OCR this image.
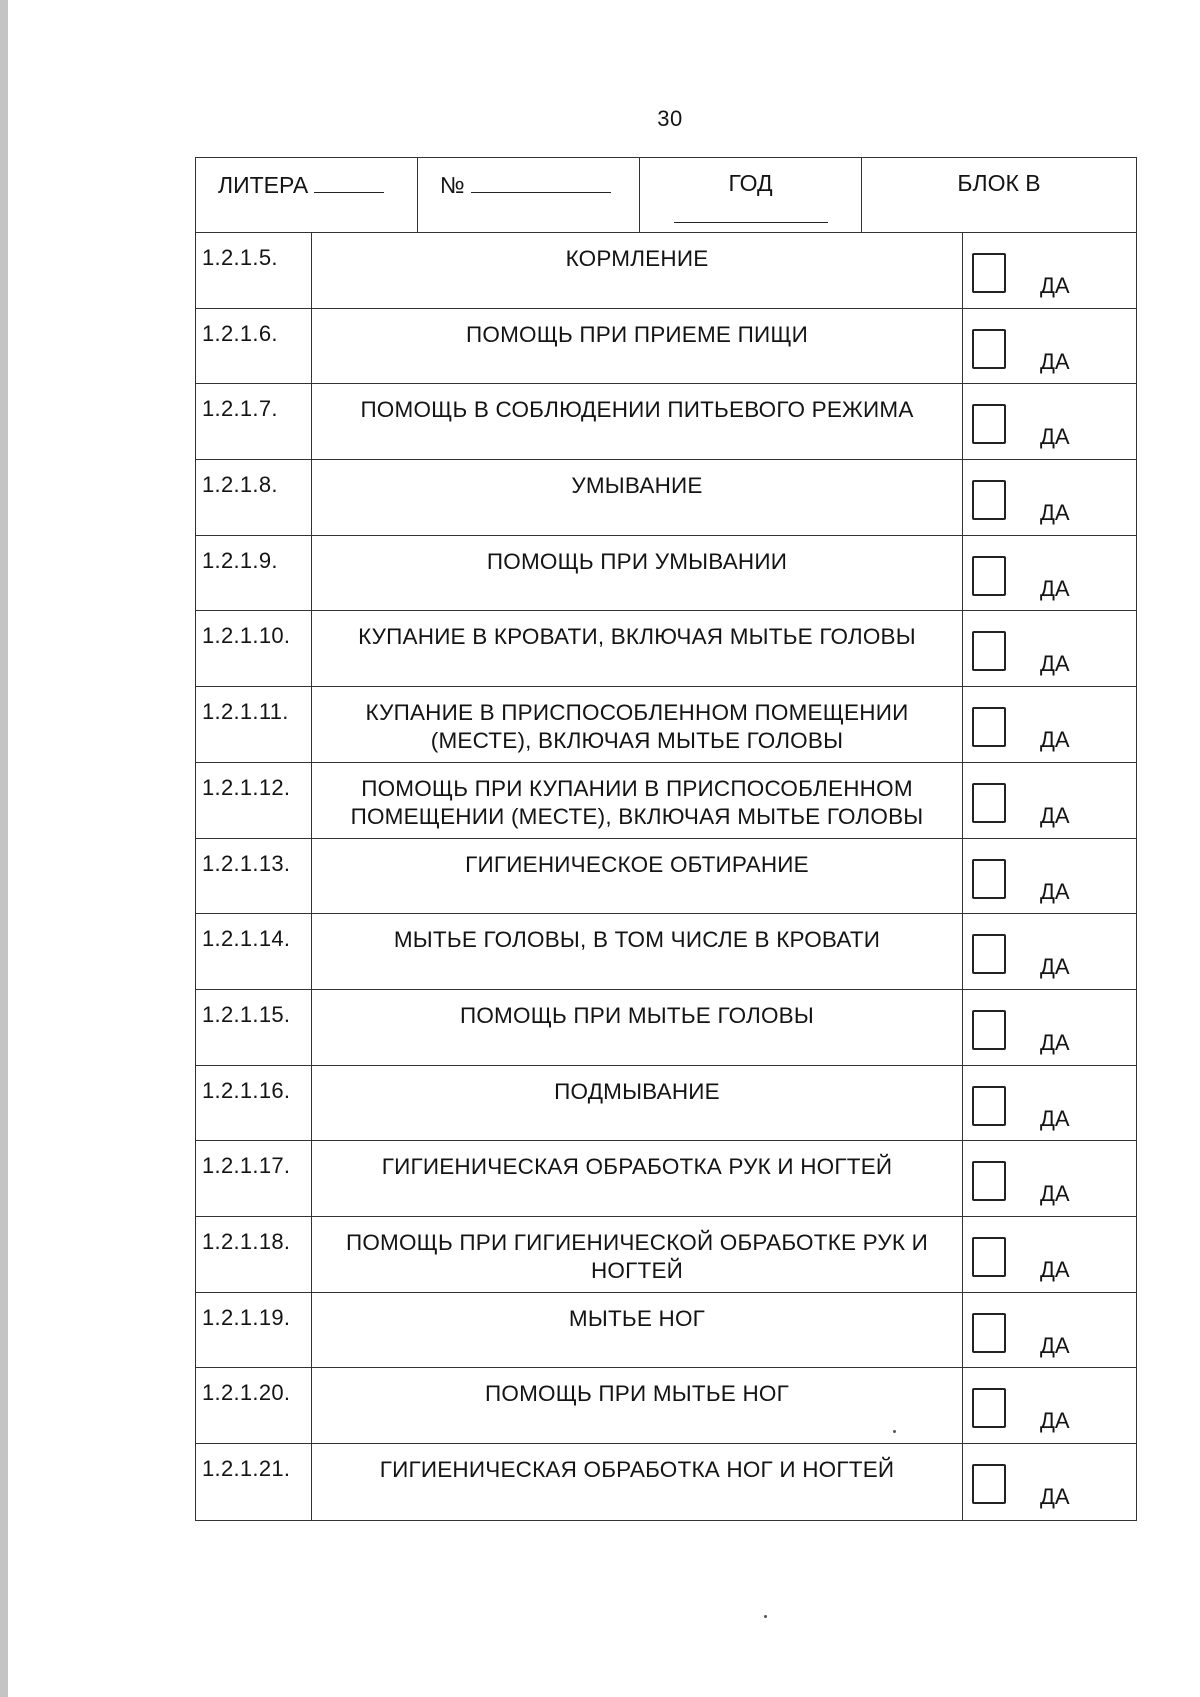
30
ЛИТЕРА	№	ГОД	БЛОК В
1.2.1.5.	КОРМЛЕНИЕ
ДА
1.2.1.6.	ПОМОЩЬ ПРИ ПРИЕМЕ ПИЩИ
ДА
1.2.1.7.	ПОМОЩЬ В СОБЛЮДЕНИИ ПИТЬЕВОГО РЕЖИМА
ДА
1.2.1.8.	УМЫВАНИЕ
ДА
1.2.1.9.	ПОМОЩЬ ПРИ УМЫВАНИИ
ДА
1.2.1.10.	КУПАНИЕ В КРОВАТИ, ВКЛЮЧАЯ МЫТЬЕ ГОЛОВЫ
ДА
1.2.1.11.	КУПАНИЕ В ПРИСПОСОБЛЕННОМ ПОМЕЩЕНИИ (МЕСТЕ), ВКЛЮЧАЯ МЫТЬЕ ГОЛОВЫ	ДА
1.2.1.12.	ПОМОЩЬ ПРИ КУПАНИИ В ПРИСПОСОБЛЕННОМ ПОМЕЩЕНИИ (МЕСТЕ), ВКЛЮЧАЯ МЫТЬЕ ГОЛОВЫ	ДА
1.2.1.13.	ГИГИЕНИЧЕСКОЕ ОБТИРАНИЕ
ДА
1.2.1.14.	МЫТЬЕ ГОЛОВЫ, В ТОМ ЧИСЛЕ В КРОВАТИ
ДА
1.2.1.15.	ПОМОЩЬ ПРИ МЫТЬЕ ГОЛОВЫ
ДА
1.2.1.16.	ПОДМЫВАНИЕ
ДА
1.2.1.17.	ГИГИЕНИЧЕСКАЯ ОБРАБОТКА РУК И НОГТЕЙ
ДА
1.2.1.18.	ПОМОЩЬ ПРИ ГИГИЕНИЧЕСКОЙ ОБРАБОТКЕ РУК И НОГТЕЙ	ДА
1.2.1.19.	МЫТЬЕ НОГ
ДА
1.2.1.20.	ПОМОЩЬ ПРИ МЫТЬЕ НОГ
ДА
1.2.1.21.	ГИГИЕНИЧЕСКАЯ ОБРАБОТКА НОГ И НОГТЕЙ
ДА
